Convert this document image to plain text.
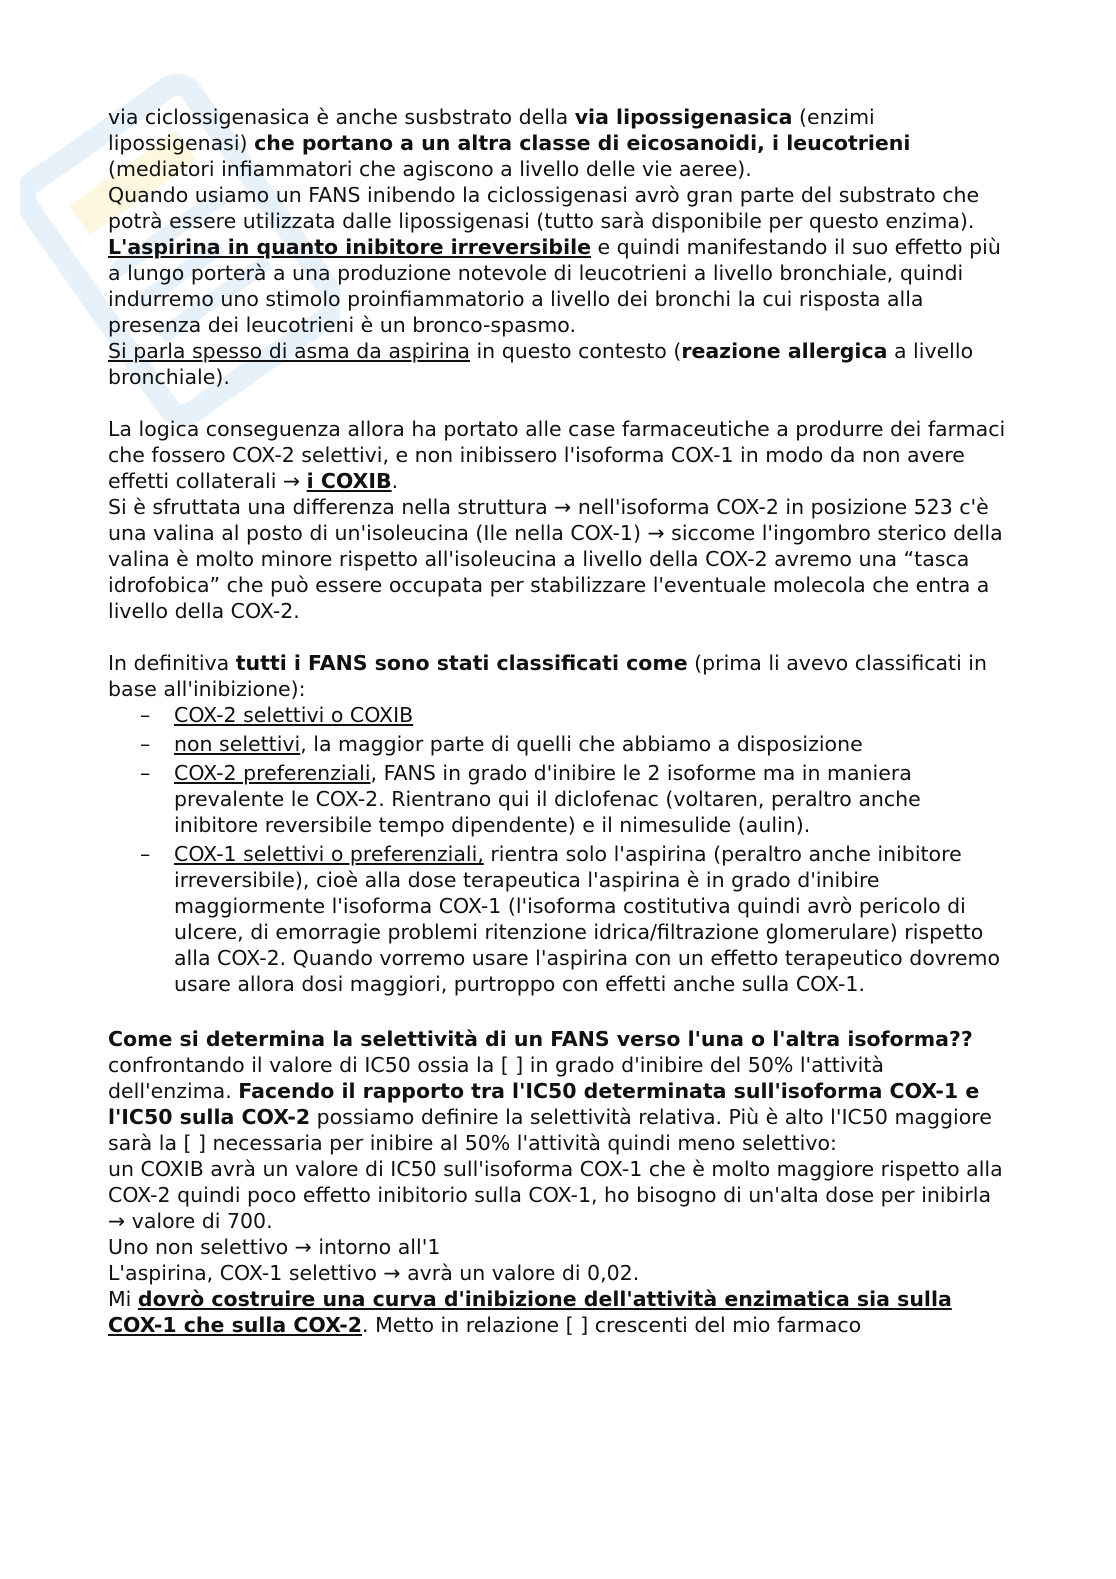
via ciclossigenasica è anche susbstrato della via lipossigenasica (enzimi lipossigenasi) che portano a un altra classe di eicosanoidi, i leucotrieni (mediatori infiammatori che agiscono a livello delle vie aeree).

Quando usiamo un FANS inibendo la ciclossigenasi avrò gran parte del substrato che potrà essere utilizzata dalle lipossigenasi (tutto sarà disponibile per questo enzima).

L'aspirina in quanto inibitore irreversibile e quindi manifestando il suo effetto più a lungo porterà a una produzione notevole di leucotrieni a livello bronchiale, quindi indurremo uno stimolo proinfiammatorio a livello dei bronchi la cui risposta alla presenza dei leucotrieni è un bronco-spasmo.

Si parla spesso di asma da aspirina in questo contesto (reazione allergica a livello bronchiale).

La logica conseguenza allora ha portato alle case farmaceutiche a produrre dei farmaci che fossero COX-2 selettivi, e non inibissero l'isoforma COX-1 in modo da non avere effetti collaterali → i COXIB.

Si è sfruttata una differenza nella struttura → nell'isoforma COX-2 in posizione 523 c'è una valina al posto di un'isoleucina (Ile nella COX-1) → siccome l'ingombro sterico della valina è molto minore rispetto all'isoleucina a livello della COX-2 avremo una “tasca idrofobica” che può essere occupata per stabilizzare l'eventuale molecola che entra a livello della COX-2.

In definitiva tutti i FANS sono stati classificati come (prima li avevo classificati in base all'inibizione):

– COX-2 selettivi o COXIB
– non selettivi, la maggior parte di quelli che abbiamo a disposizione
– COX-2 preferenziali, FANS in grado d'inibire le 2 isoforme ma in maniera prevalente le COX-2. Rientrano qui il diclofenac (voltaren, peraltro anche inibitore reversibile tempo dipendente) e il nimesulide (aulin).
– COX-1 selettivi o preferenziali, rientra solo l'aspirina (peraltro anche inibitore irreversibile), cioè alla dose terapeutica l'aspirina è in grado d'inibire maggiormente l'isoforma COX-1 (l'isoforma costitutiva quindi avrò pericolo di ulcere, di emorragie problemi ritenzione idrica/filtrazione glomerulare) rispetto alla COX-2. Quando vorremo usare l'aspirina con un effetto terapeutico dovremo usare allora dosi maggiori, purtroppo con effetti anche sulla COX-1.

Come si determina la selettività di un FANS verso l'una o l'altra isoforma??

confrontando il valore di IC50 ossia la [ ] in grado d'inibire del 50% l'attività dell'enzima. Facendo il rapporto tra l'IC50 determinata sull'isoforma COX-1 e l'IC50 sulla COX-2 possiamo definire la selettività relativa. Più è alto l'IC50 maggiore sarà la [ ] necessaria per inibire al 50% l'attività quindi meno selettivo:

un COXIB avrà un valore di IC50 sull'isoforma COX-1 che è molto maggiore rispetto alla COX-2 quindi poco effetto inibitorio sulla COX-1, ho bisogno di un'alta dose per inibirla → valore di 700.

Uno non selettivo → intorno all'1

L'aspirina, COX-1 selettivo → avrà un valore di 0,02.

Mi dovrò costruire una curva d'inibizione dell'attività enzimatica sia sulla COX-1 che sulla COX-2. Metto in relazione [ ] crescenti del mio farmaco
